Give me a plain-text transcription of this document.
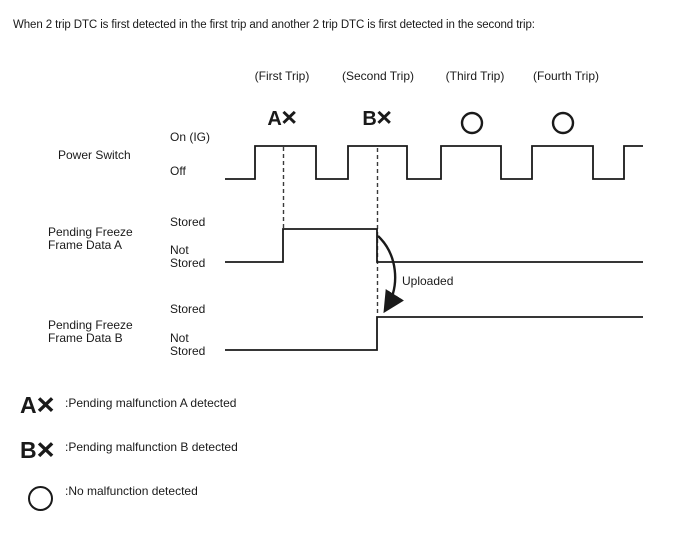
When 2 trip DTC is first detected in the first trip and another 2 trip DTC is first detected in the second trip:
(First Trip)	(Second Trip)	(Third Trip) (Fourth Trip)
A×	B×
Power Switch
On (IG)
Off
Pending Freeze
Frame Data A
Stored
Not
Stored
Uploaded
Pending Freeze
Frame Data B
Stored
Not
Stored
A× :Pending malfunction A detected
B× :Pending malfunction B detected
:No malfunction detected
